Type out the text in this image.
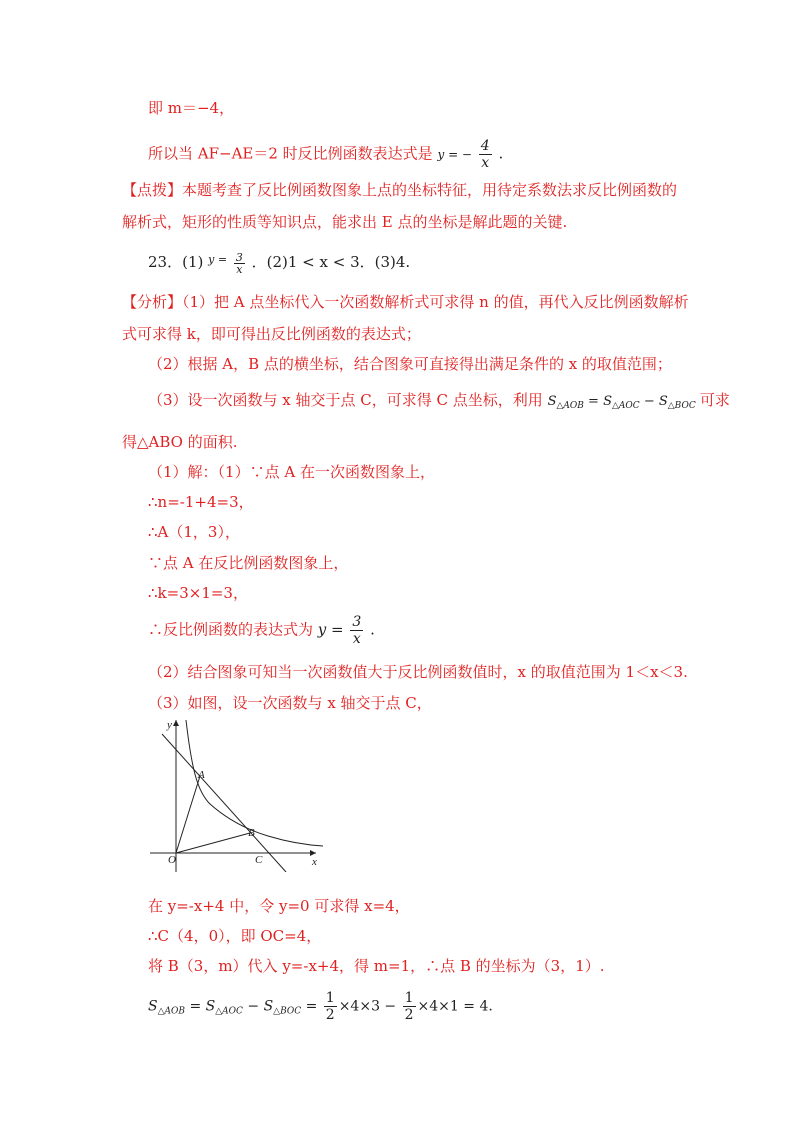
即 m＝−4，
所以当 AF−AE＝2 时反比例函数表达式是 y = − $\frac{4}{x}$ .
【点拨】本题考查了反比例函数图象上点的坐标特征，用待定系数法求反比例函数的
解析式，矩形的性质等知识点，能求出 E 点的坐标是解此题的关键.
23．(1) $^{y =} \frac{3}{x}$ ．(2)1 < x < 3．(3)4.
【分析】（1）把 A 点坐标代入一次函数解析式可求得 n 的值，再代入反比例函数解析
式可求得 k，即可得出反比例函数的表达式；
（2）根据 A，B 点的横坐标，结合图象可直接得出满足条件的 x 的取值范围；
（3）设一次函数与 x 轴交于点 C，可求得 C 点坐标，利用 $S_{\triangle AOB} = S_{\triangle AOC} - S_{\triangle BOC}$ 可求
得△ABO 的面积.
（1）解：（1）∵点 A 在一次函数图象上，
∴n=-1+4=3，
∴A（1，3），
∵点 A 在反比例函数图象上，
∴k=3×1=3，
∴反比例函数的表达式为 $y = \frac{3}{x}$ .
（2）结合图象可知当一次函数值大于反比例函数值时，x 的取值范围为 1＜x＜3.
（3）如图，设一次函数与 x 轴交于点 C，
y
x
A
B
C
O
在 y=-x+4 中，令 y=0 可求得 x=4，
∴C（4，0），即 OC=4，
将 B（3，m）代入 y=-x+4，得 m=1，∴点 B 的坐标为（3，1）.
$S_{\triangle AOB} = S_{\triangle AOC} - S_{\triangle BOC} = \frac{1}{2} \times 4\times 3 - \frac{1}{2} \times 4\times 1 = 4$.
